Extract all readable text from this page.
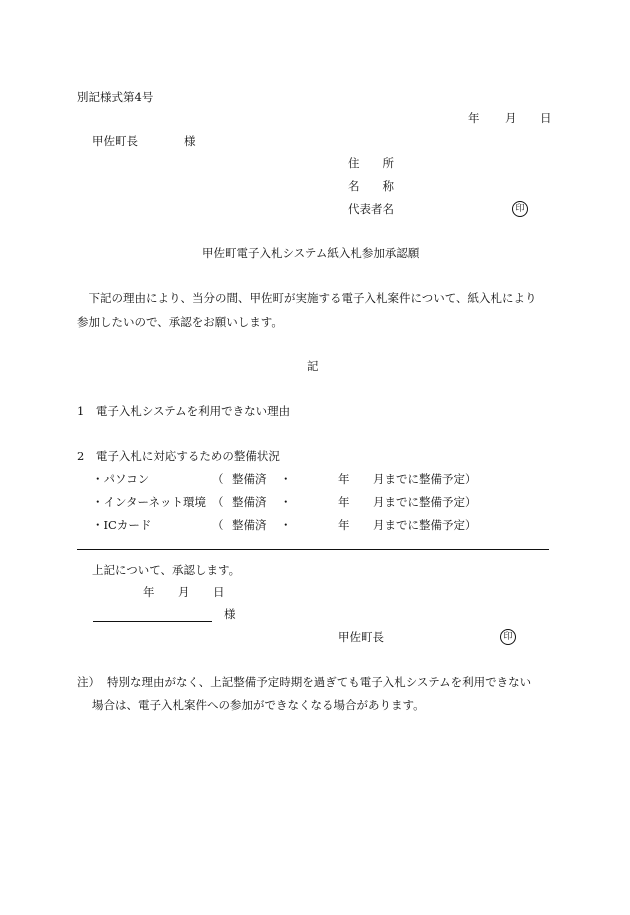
別記様式第4号
年 月 日
甲佐町長	様
住　　所
名　　称
代表者名	印
甲佐町電子入札システム紙入札参加承認願
　下記の理由により、当分の間、甲佐町が実施する電子入札案件について、紙入札により
参加したいので、承認をお願いします。
記
1　電子入札システムを利用できない理由
2　電子入札に対応するための整備状況
・パソコン	（ 整備済 ・	年 月までに整備予定）
・インターネット環境 （ 整備済 ・	年 月までに整備予定）
・ICカード	（ 整備済 ・	年 月までに整備予定）
上記について、承認します。
年 月 日
様
甲佐町長	印
注） 特別な理由がなく、上記整備予定時期を過ぎても電子入札システムを利用できない
場合は、電子入札案件への参加ができなくなる場合があります。
